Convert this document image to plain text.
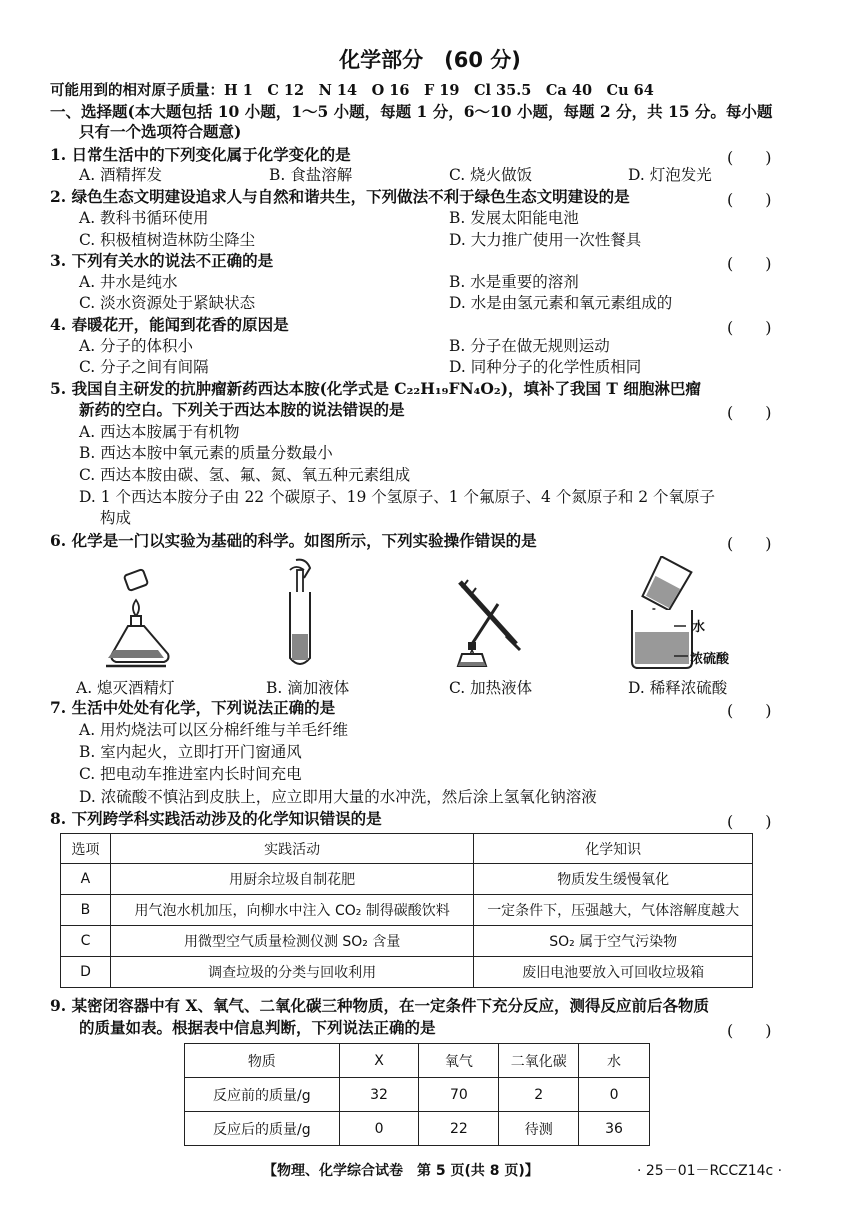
化学部分　(60 分)
可能用到的相对原子质量：H 1　C 12　N 14　O 16　F 19　Cl 35.5　Ca 40　Cu 64
一、选择题(本大题包括 10 小题，1～5 小题，每题 1 分，6～10 小题，每题 2 分，共 15 分。每小题
只有一个选项符合题意)
1. 日常生活中的下列变化属于化学变化的是	(　　)
A. 酒精挥发	B. 食盐溶解	C. 烧火做饭	D. 灯泡发光
2. 绿色生态文明建设追求人与自然和谐共生，下列做法不利于绿色生态文明建设的是	(　　)
A. 教科书循环使用	B. 发展太阳能电池
C. 积极植树造林防尘降尘	D. 大力推广使用一次性餐具
3. 下列有关水的说法不正确的是	(　　)
A. 井水是纯水	B. 水是重要的溶剂
C. 淡水资源处于紧缺状态	D. 水是由氢元素和氧元素组成的
4. 春暖花开，能闻到花香的原因是	(　　)
A. 分子的体积小	B. 分子在做无规则运动
C. 分子之间有间隔	D. 同种分子的化学性质相同
5. 我国自主研发的抗肿瘤新药西达本胺(化学式是 C₂₂H₁₉FN₄O₂)，填补了我国 T 细胞淋巴瘤
新药的空白。下列关于西达本胺的说法错误的是	(　　)
A. 西达本胺属于有机物
B. 西达本胺中氧元素的质量分数最小
C. 西达本胺由碳、氢、氟、氮、氧五种元素组成
D. 1 个西达本胺分子由 22 个碳原子、19 个氢原子、1 个氟原子、4 个氮原子和 2 个氧原子
构成
6. 化学是一门以实验为基础的科学。如图所示，下列实验操作错误的是	(　　)
A. 熄灭酒精灯	B. 滴加液体	C. 加热液体
水
浓硫酸
D. 稀释浓硫酸
7. 生活中处处有化学，下列说法正确的是	(　　)
A. 用灼烧法可以区分棉纤维与羊毛纤维
B. 室内起火，立即打开门窗通风
C. 把电动车推进室内长时间充电
D. 浓硫酸不慎沾到皮肤上，应立即用大量的水冲洗，然后涂上氢氧化钠溶液
8. 下列跨学科实践活动涉及的化学知识错误的是	(　　)
选项	实践活动	化学知识
A	用厨余垃圾自制花肥	物质发生缓慢氧化
B	用气泡水机加压，向柳水中注入 CO₂ 制得碳酸饮料	一定条件下，压强越大，气体溶解度越大
C	用微型空气质量检测仪测 SO₂ 含量	SO₂ 属于空气污染物
D	调查垃圾的分类与回收利用	废旧电池要放入可回收垃圾箱
9. 某密闭容器中有 X、氧气、二氧化碳三种物质，在一定条件下充分反应，测得反应前后各物质
的质量如表。根据表中信息判断，下列说法正确的是	(　　)
物质	X	氧气	二氧化碳	水
反应前的质量/g	32	70	2	0
反应后的质量/g	0	22	待测	36
【物理、化学综合试卷　第 5 页(共 8 页)】	· 25－01－RCCZ14c ·
